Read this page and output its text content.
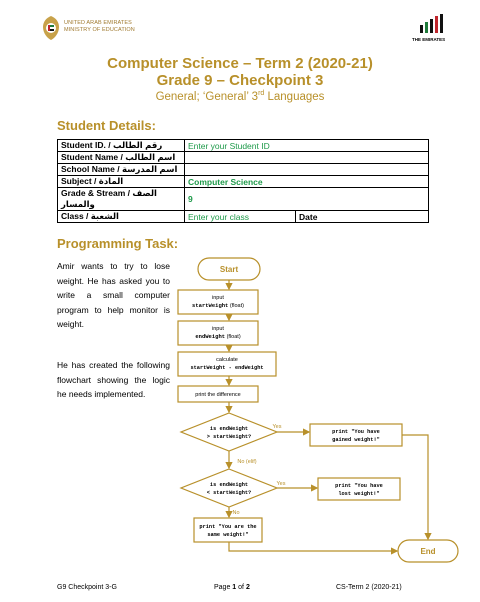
UNITED ARAB EMIRATES
MINISTRY OF EDUCATION
THE EMIRATES
Computer Science – Term 2 (2020-21)
Grade 9 – Checkpoint 3
General; ‘General’ 3rd Languages
Student Details:
Student ID. / رقم الطالب	Enter your Student ID	
Student Name / اسم الطالب		
School Name / اسم المدرسة		
Subject / المادة	Computer Science	
Grade & Stream / الصف والمسار	9	
Class / الشعبة	Enter your class	Date
Programming Task:
Amir wants to try to lose weight. He has asked you to write a small computer program to help monitor is weight.
He has created the following flowchart showing the logic he needs implemented.
Start
input
startWeight (float)
input
endWeight (float)
calculate
startWeight - endWeight
print the difference
is endWeight
> startWeight?
Yes
print "You have
gained weight!"
No (elif)
is endWeight
< startWeight?
Yes	print "You have
lost weight!"
No
print "You are the
same weight!"
End
G9 Checkpoint 3-G	Page 1 of 2	CS-Term 2 (2020-21)
